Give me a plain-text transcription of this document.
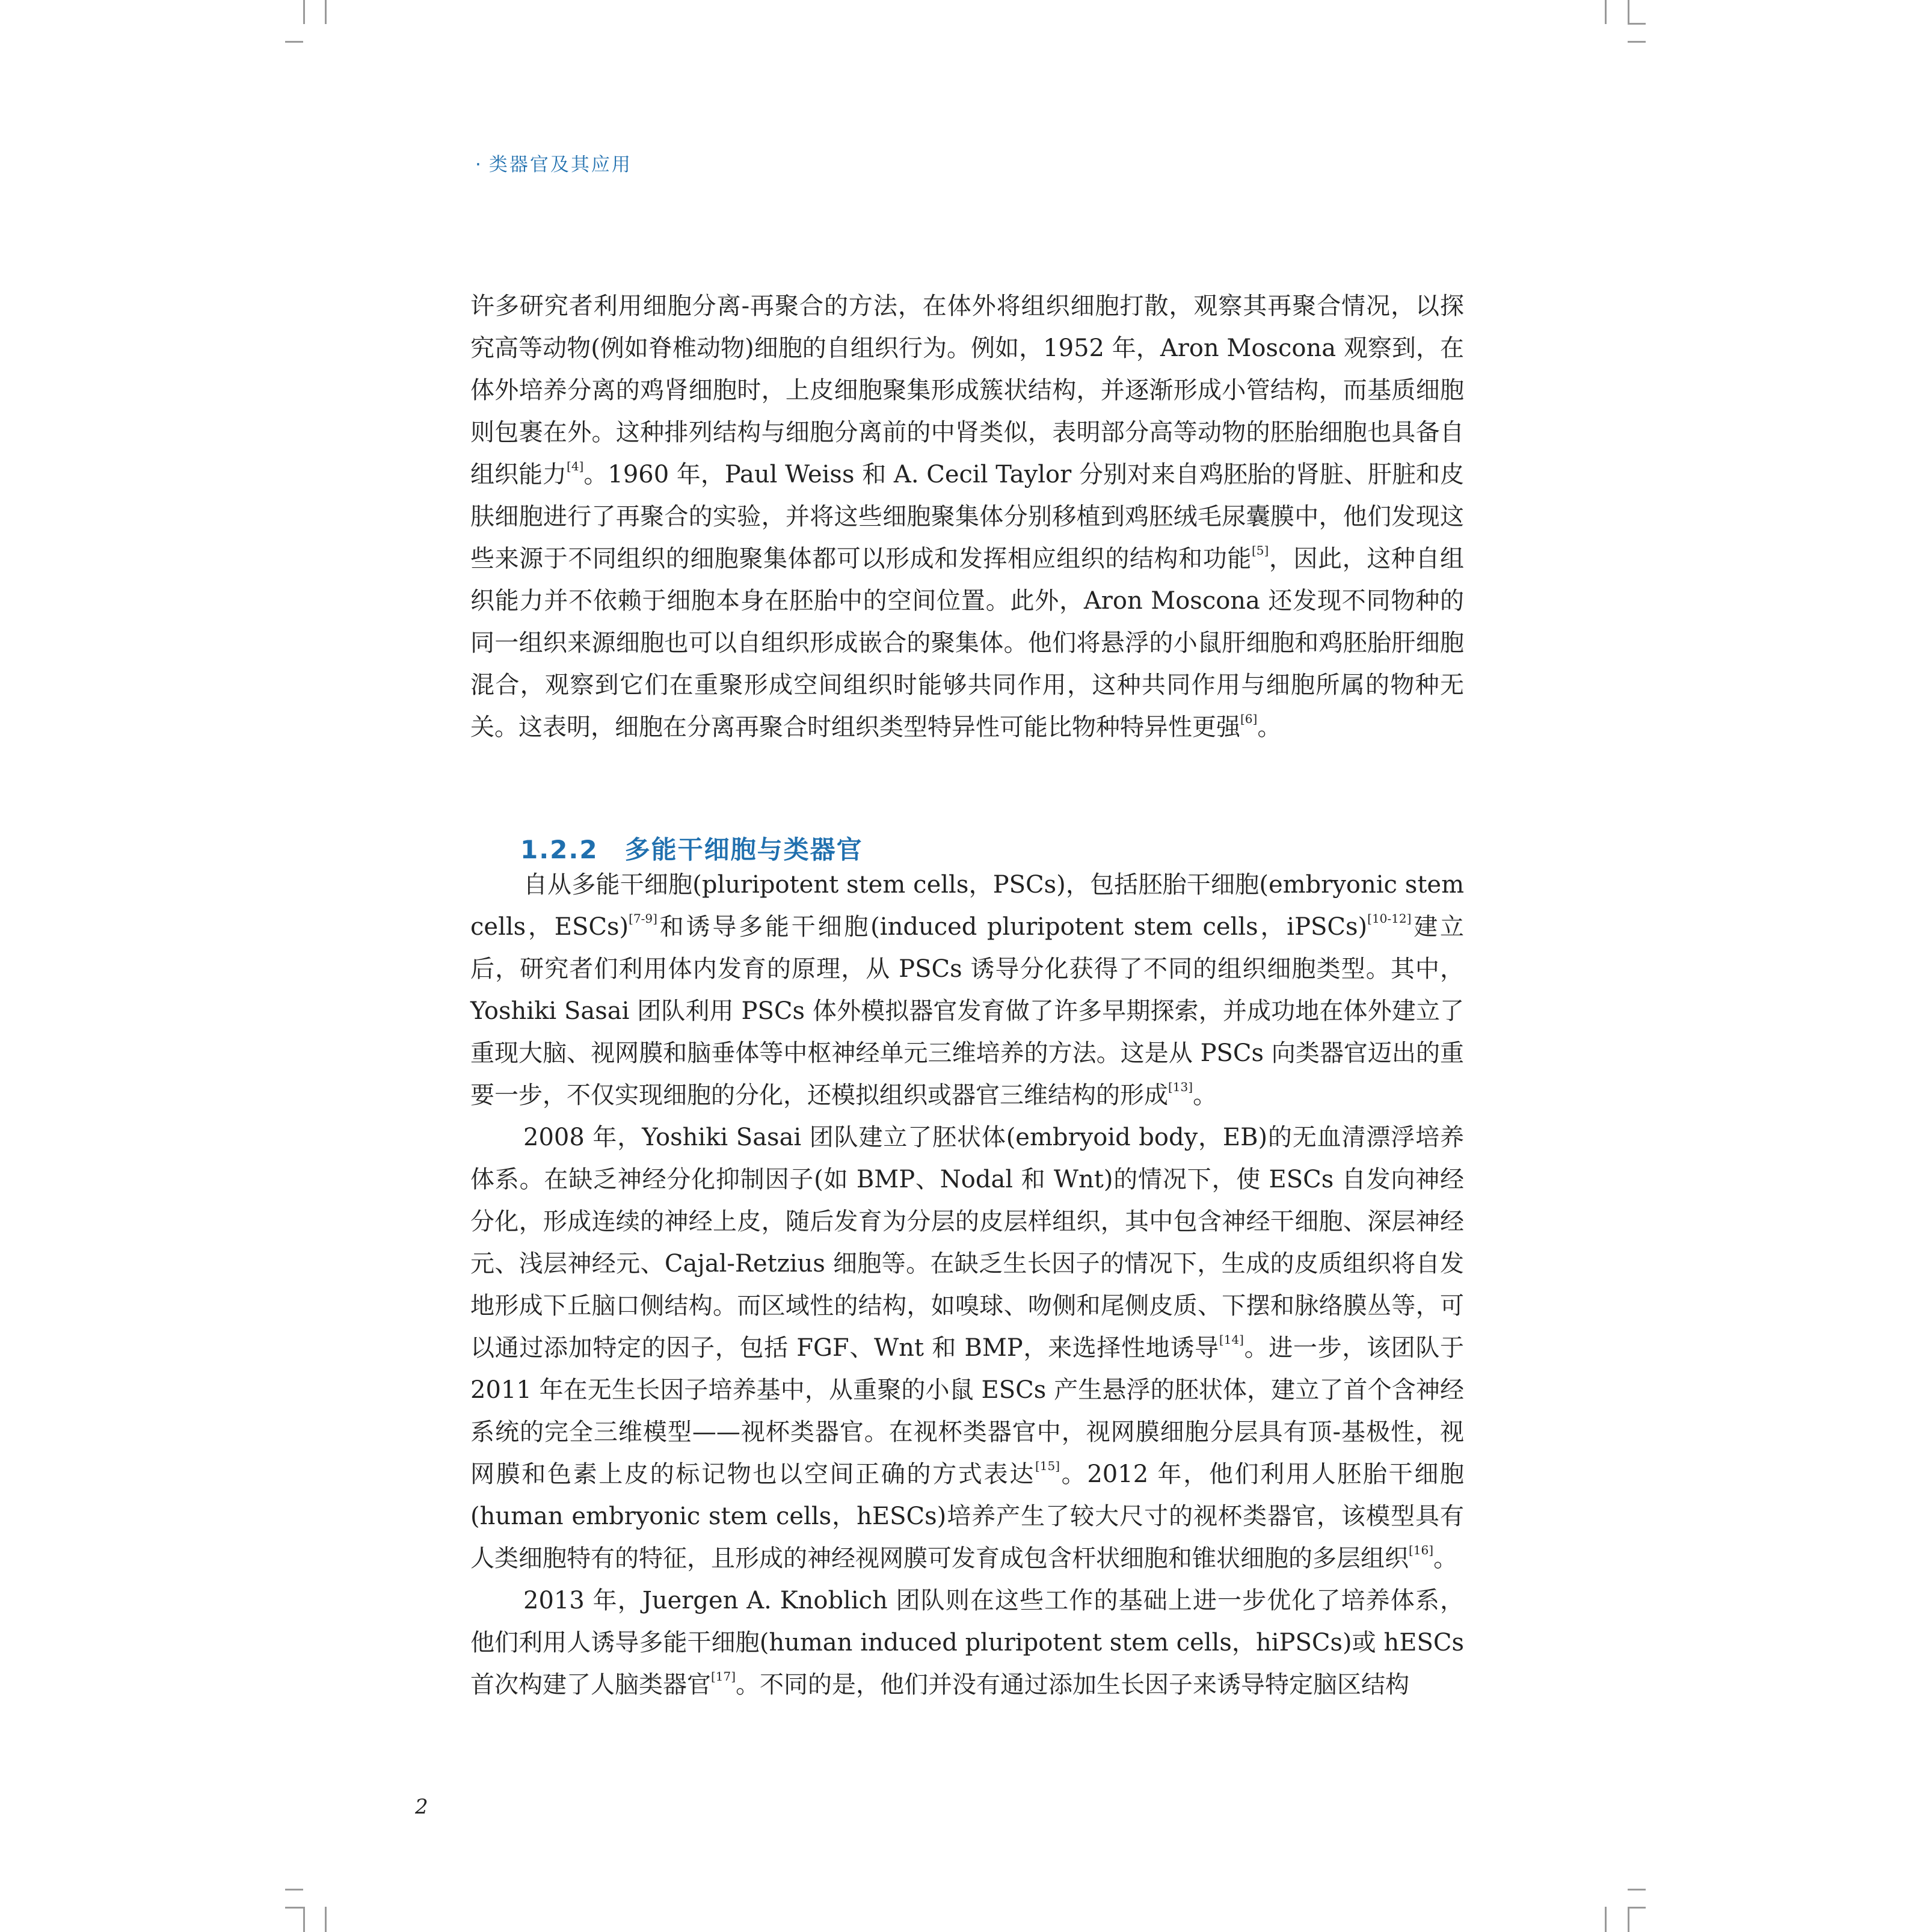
· 类器官及其应用

许多研究者利用细胞分离-再聚合的方法，在体外将组织细胞打散，观察其再聚合情况，以探究高等动物(例如脊椎动物)细胞的自组织行为。例如，1952 年，Aron Moscona 观察到，在体外培养分离的鸡肾细胞时，上皮细胞聚集形成簇状结构，并逐渐形成小管结构，而基质细胞则包裹在外。这种排列结构与细胞分离前的中肾类似，表明部分高等动物的胚胎细胞也具备自组织能力[4]。1960 年，Paul Weiss 和 A. Cecil Taylor 分别对来自鸡胚胎的肾脏、肝脏和皮肤细胞进行了再聚合的实验，并将这些细胞聚集体分别移植到鸡胚绒毛尿囊膜中，他们发现这些来源于不同组织的细胞聚集体都可以形成和发挥相应组织的结构和功能[5]，因此，这种自组织能力并不依赖于细胞本身在胚胎中的空间位置。此外，Aron Moscona 还发现不同物种的同一组织来源细胞也可以自组织形成嵌合的聚集体。他们将悬浮的小鼠肝细胞和鸡胚胎肝细胞混合，观察到它们在重聚形成空间组织时能够共同作用，这种共同作用与细胞所属的物种无关。这表明，细胞在分离再聚合时组织类型特异性可能比物种特异性更强[6]。

1.2.2 多能干细胞与类器官

自从多能干细胞(pluripotent stem cells，PSCs)，包括胚胎干细胞(embryonic stem cells，ESCs)[7-9]和诱导多能干细胞(induced pluripotent stem cells，iPSCs)[10-12]建立后，研究者们利用体内发育的原理，从 PSCs 诱导分化获得了不同的组织细胞类型。其中，Yoshiki Sasai 团队利用 PSCs 体外模拟器官发育做了许多早期探索，并成功地在体外建立了重现大脑、视网膜和脑垂体等中枢神经单元三维培养的方法。这是从 PSCs 向类器官迈出的重要一步，不仅实现细胞的分化，还模拟组织或器官三维结构的形成[13]。

2008 年，Yoshiki Sasai 团队建立了胚状体(embryoid body，EB)的无血清漂浮培养体系。在缺乏神经分化抑制因子(如 BMP、Nodal 和 Wnt)的情况下，使 ESCs 自发向神经分化，形成连续的神经上皮，随后发育为分层的皮层样组织，其中包含神经干细胞、深层神经元、浅层神经元、Cajal-Retzius 细胞等。在缺乏生长因子的情况下，生成的皮质组织将自发地形成下丘脑口侧结构。而区域性的结构，如嗅球、吻侧和尾侧皮质、下摆和脉络膜丛等，可以通过添加特定的因子，包括 FGF、Wnt 和 BMP，来选择性地诱导[14]。进一步，该团队于 2011 年在无生长因子培养基中，从重聚的小鼠 ESCs 产生悬浮的胚状体，建立了首个含神经系统的完全三维模型——视杯类器官。在视杯类器官中，视网膜细胞分层具有顶-基极性，视网膜和色素上皮的标记物也以空间正确的方式表达[15]。2012 年，他们利用人胚胎干细胞(human embryonic stem cells，hESCs)培养产生了较大尺寸的视杯类器官，该模型具有人类细胞特有的特征，且形成的神经视网膜可发育成包含杆状细胞和锥状细胞的多层组织[16]。

2013 年，Juergen A. Knoblich 团队则在这些工作的基础上进一步优化了培养体系，他们利用人诱导多能干细胞(human induced pluripotent stem cells，hiPSCs)或 hESCs 首次构建了人脑类器官[17]。不同的是，他们并没有通过添加生长因子来诱导特定脑区结构

2
